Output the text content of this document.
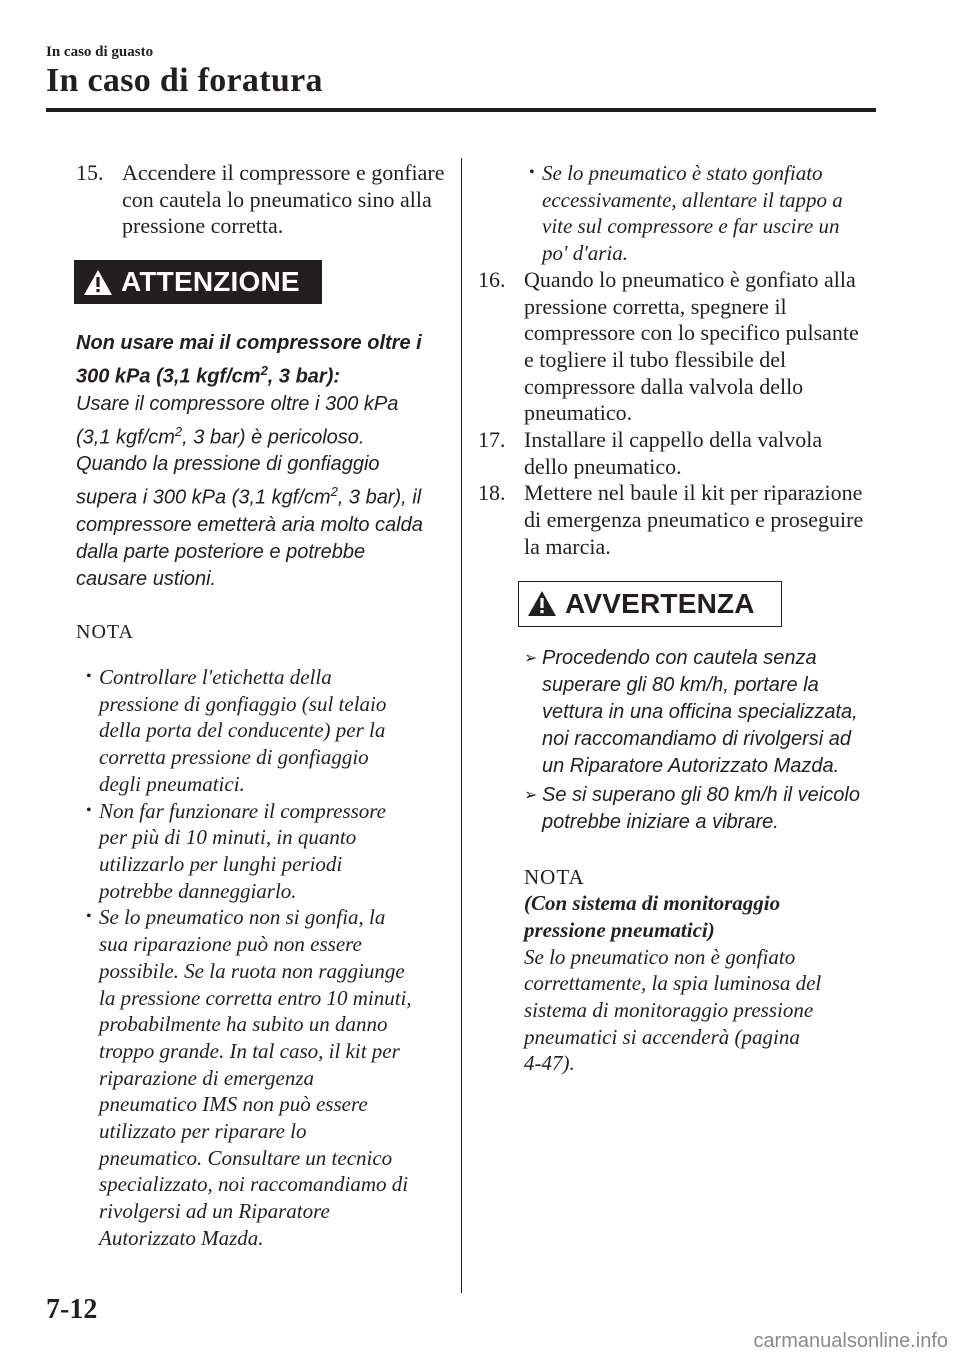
In caso di guasto
In caso di foratura

15. Accendere il compressore e gonfiare

con cautela lo pneumatico sino alla

pressione corretta.

ATTENZIONE

Non usare mai il compressore oltre i

300 kPa (3,1 kgf/$cm^2$, 3 bar):

Usare il compressore oltre i 300 kPa

(3,1 kgf/$cm^2$, 3 bar) è pericoloso.

Quando la pressione di gonfiaggio

supera i 300 kPa (3,1 kgf/$cm^2$, 3 bar), il

compressore emetterà aria molto calda

dalla parte posteriore e potrebbe

causare ustioni.

NOTA

• Controllare l'etichetta della

pressione di gonfiaggio (sul telaio

della porta del conducente) per la

corretta pressione di gonfiaggio

degli pneumatici.

• Non far funzionare il compressore

per più di 10 minuti, in quanto

utilizzarlo per lunghi periodi

potrebbe danneggiarlo.

• Se lo pneumatico non si gonfia, la

sua riparazione può non essere

possibile. Se la ruota non raggiunge

la pressione corretta entro 10 minuti,

probabilmente ha subito un danno

troppo grande. In tal caso, il kit per

riparazione di emergenza

pneumatico IMS non può essere

utilizzato per riparare lo

pneumatico. Consultare un tecnico

specializzato, noi raccomandiamo di

rivolgersi ad un Riparatore

Autorizzato Mazda.

• Se lo pneumatico è stato gonfiato

eccessivamente, allentare il tappo a

vite sul compressore e far uscire un

po' d'aria.

16. Quando lo pneumatico è gonfiato alla

pressione corretta, spegnere il

compressore con lo specifico pulsante

e togliere il tubo flessibile del

compressore dalla valvola dello

pneumatico.

17. Installare il cappello della valvola

dello pneumatico.

18. Mettere nel baule il kit per riparazione

di emergenza pneumatico e proseguire

la marcia.

AVVERTENZA

➢ Procedendo con cautela senza

superare gli 80 km/h, portare la

vettura in una officina specializzata,

noi raccomandiamo di rivolgersi ad

un Riparatore Autorizzato Mazda.

➢ Se si superano gli 80 km/h il veicolo

potrebbe iniziare a vibrare.

NOTA

(Con sistema di monitoraggio

pressione pneumatici)

Se lo pneumatico non è gonfiato

correttamente, la spia luminosa del

sistema di monitoraggio pressione

pneumatici si accenderà (pagina

4-47).

7-12
carmanualsonline.info
